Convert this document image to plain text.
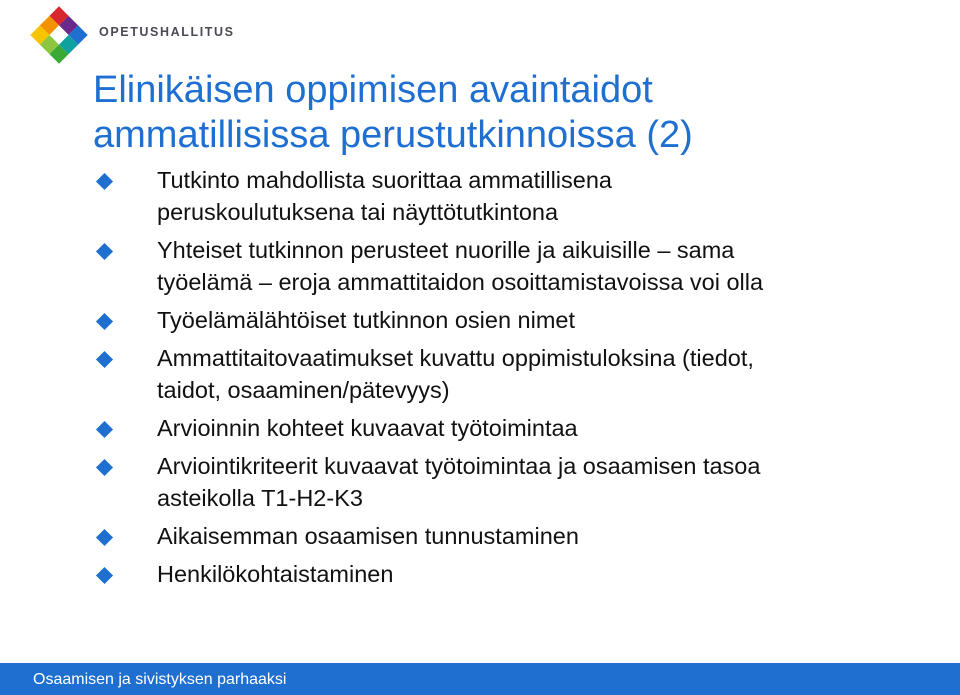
OPETUSHALLITUS
Elinikäisen oppimisen avaintaidot
ammatillisissa perustutkinnoissa (2)
Tutkinto mahdollista suorittaa ammatillisena
peruskoulutuksena tai näyttötutkintona
Yhteiset tutkinnon perusteet nuorille ja aikuisille – sama
työelämä – eroja ammattitaidon osoittamistavoissa voi olla
Työelämälähtöiset tutkinnon osien nimet
Ammattitaitovaatimukset kuvattu oppimistuloksina (tiedot,
taidot, osaaminen/pätevyys)
Arvioinnin kohteet kuvaavat työtoimintaa
Arviointikriteerit kuvaavat työtoimintaa ja osaamisen tasoa
asteikolla T1-H2-K3
Aikaisemman osaamisen tunnustaminen
Henkilökohtaistaminen
Osaamisen ja sivistyksen parhaaksi
